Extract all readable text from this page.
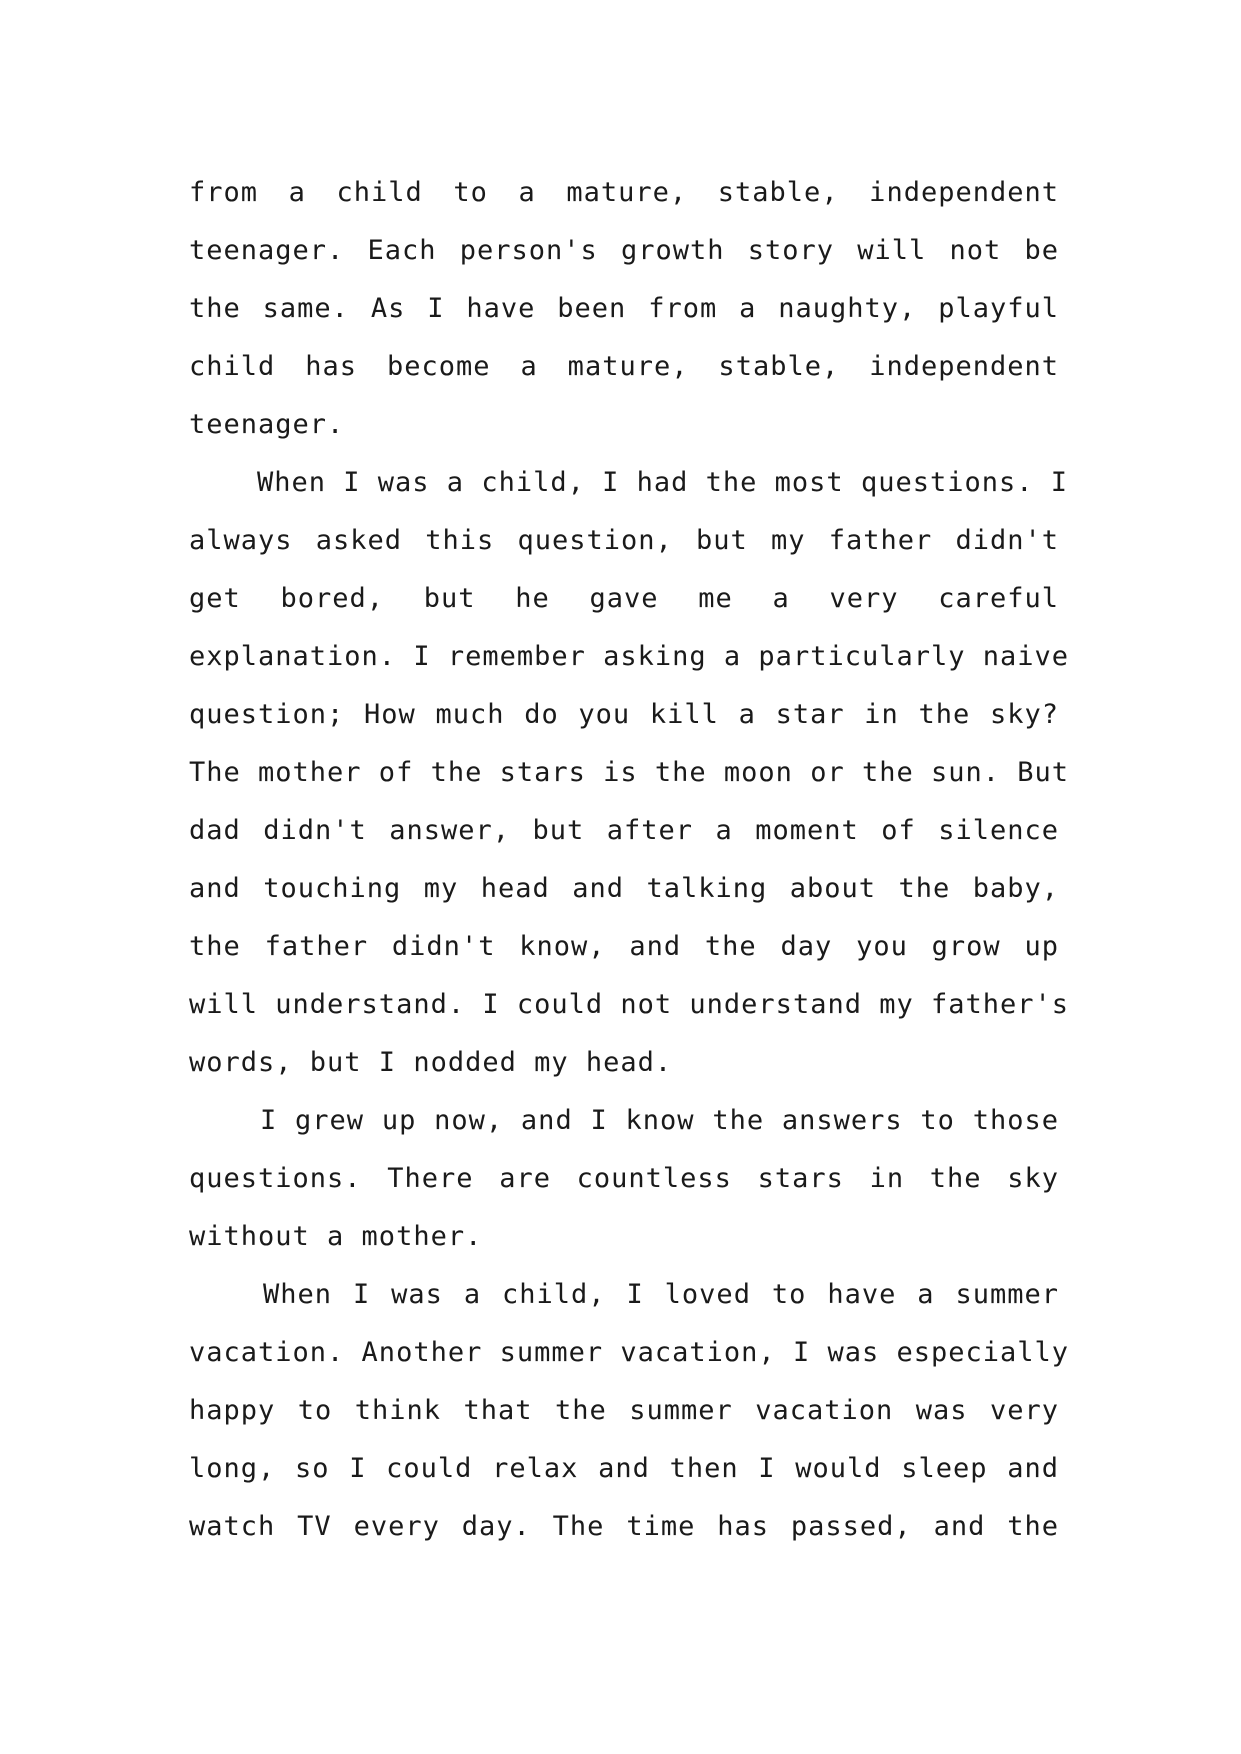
from a child to a mature, stable, independent
teenager. Each person's growth story will not be
the same. As I have been from a naughty, playful
child has become a mature, stable, independent
teenager.
When I was a child, I had the most questions. I
always asked this question, but my father didn't
get bored, but he gave me a very careful
explanation. I remember asking a particularly naive
question; How much do you kill a star in the sky?
The mother of the stars is the moon or the sun. But
dad didn't answer, but after a moment of silence
and touching my head and talking about the baby,
the father didn't know, and the day you grow up
will understand. I could not understand my father's
words, but I nodded my head.
I grew up now, and I know the answers to those
questions. There are countless stars in the sky
without a mother.
When I was a child, I loved to have a summer
vacation. Another summer vacation, I was especially
happy to think that the summer vacation was very
long, so I could relax and then I would sleep and
watch TV every day. The time has passed, and the
